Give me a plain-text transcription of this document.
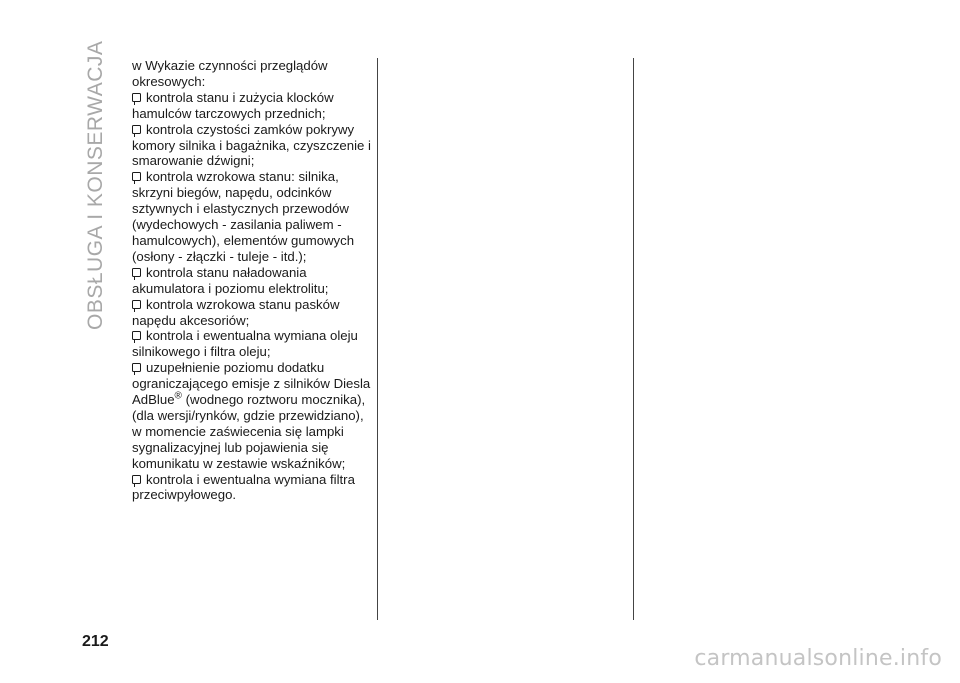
OBSŁUGA I KONSERWACJA	w Wykazie czynności przeglądów
okresowych:

kontrola stanu i zużycia klocków hamulców tarczowych przednich;

kontrola czystości zamków pokrywy komory silnika i bagażnika, czyszczenie i smarowanie dźwigni;

kontrola wzrokowa stanu: silnika, skrzyni biegów, napędu, odcinków sztywnych i elastycznych przewodów (wydechowych - zasilania paliwem - hamulcowych), elementów gumowych (osłony - złączki - tuleje - itd.);

kontrola stanu naładowania akumulatora i poziomu elektrolitu;

kontrola wzrokowa stanu pasków napędu akcesoriów;

kontrola i ewentualna wymiana oleju silnikowego i filtra oleju;

uzupełnienie poziomu dodatku ograniczającego emisje z silników Diesla AdBlue® (wodnego roztworu mocznika), (dla wersji/rynków, gdzie przewidziano), w momencie zaświecenia się lampki sygnalizacyjnej lub pojawienia się komunikatu w zestawie wskaźników;

kontrola i ewentualna wymiana filtra przeciwpyłowego.

212
carmanualsonline.info
